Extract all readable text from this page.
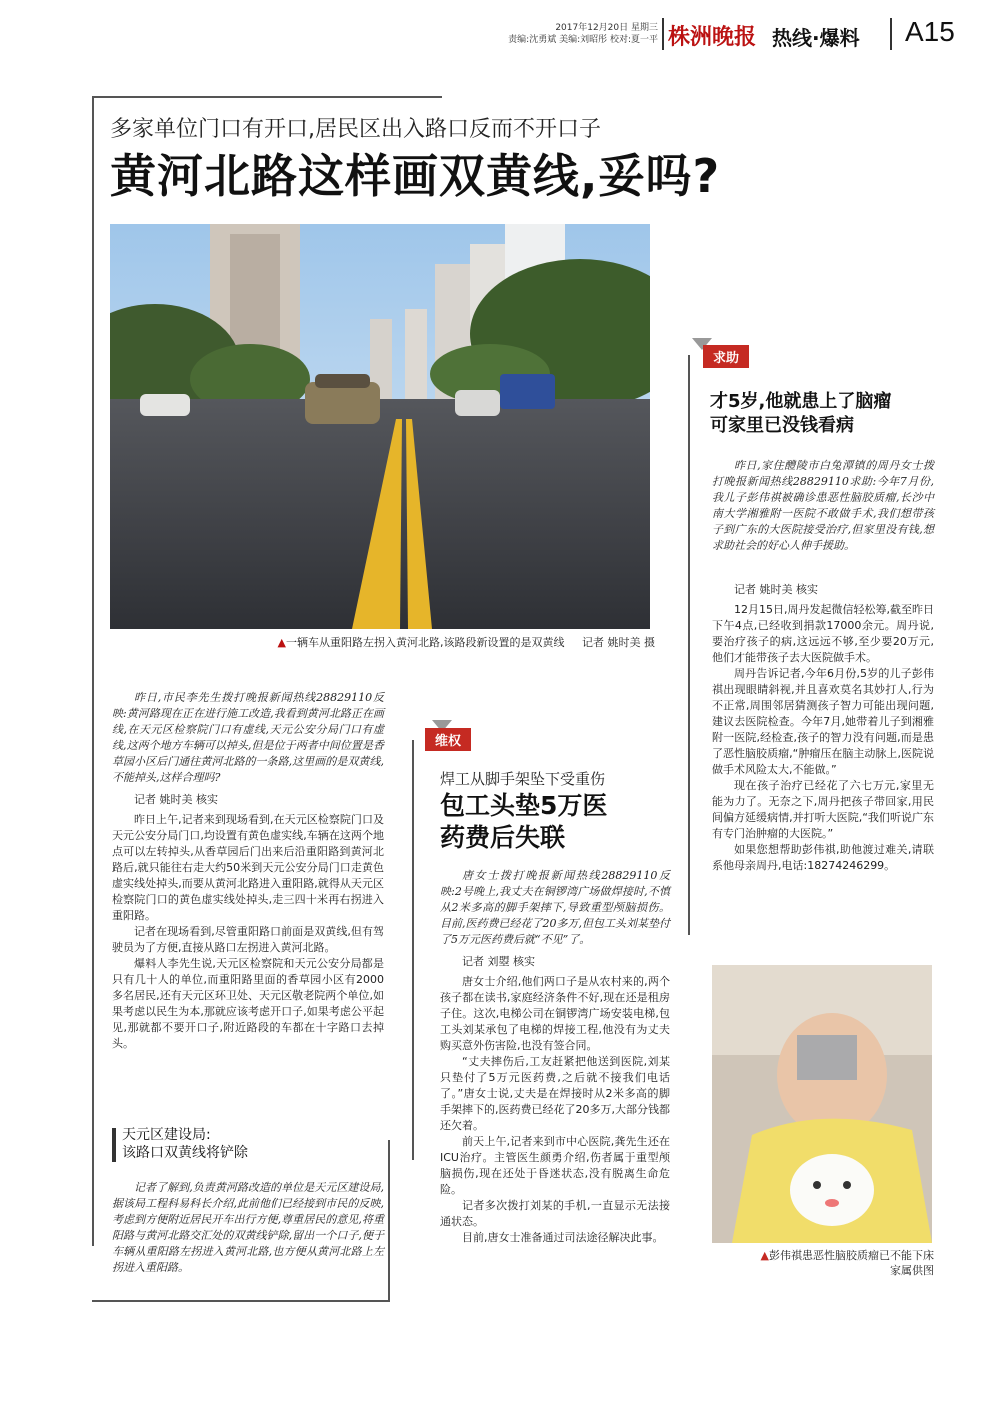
2017年12月20日 星期三
责编:沈勇斌 美编:刘昭彤 校对:夏一平 株洲晚报 热线·爆料 A15
多家单位门口有开口,居民区出入路口反而不开口子
黄河北路这样画双黄线,妥吗?
▲一辆车从重阳路左拐入黄河北路,该路段新设置的是双黄线 记者 姚时美 摄

昨日,市民李先生拨打晚报新闻热线28829110反映:黄河路现在正在进行施工改造,我看到黄河北路正在画线,在天元区检察院门口有虚线,天元公安分局门口有虚线,这两个地方车辆可以掉头,但是位于两者中间位置是香草园小区后门通往黄河北路的一条路,这里画的是双黄线,不能掉头,这样合理吗?

记者 姚时美 核实

昨日上午,记者来到现场看到,在天元区检察院门口及天元公安分局门口,均设置有黄色虚实线,车辆在这两个地点可以左转掉头,从香草园后门出来后沿重阳路到黄河北路后,就只能往右走大约50米到天元公安分局门口走黄色虚实线处掉头,而要从黄河北路进入重阳路,就得从天元区检察院门口的黄色虚实线处掉头,走三四十米再右拐进入重阳路。

记者在现场看到,尽管重阳路口前面是双黄线,但有驾驶员为了方便,直接从路口左拐进入黄河北路。

爆料人李先生说,天元区检察院和天元公安分局都是只有几十人的单位,而重阳路里面的香草园小区有2000多名居民,还有天元区环卫处、天元区敬老院两个单位,如果考虑以民生为本,那就应该考虑开口子,如果考虑公平起见,那就都不要开口子,附近路段的车都在十字路口去掉头。

天元区建设局:
该路口双黄线将铲除

记者了解到,负责黄河路改造的单位是天元区建设局,据该局工程科易科长介绍,此前他们已经接到市民的反映,考虑到方便附近居民开车出行方便,尊重居民的意见,将重阳路与黄河北路交汇处的双黄线铲除,留出一个口子,便于车辆从重阳路左拐进入黄河北路,也方便从黄河北路上左拐进入重阳路。

维权
焊工从脚手架坠下受重伤
包工头垫5万医
药费后失联

唐女士拨打晚报新闻热线28829110反映:2号晚上,我丈夫在铜锣湾广场做焊接时,不慎从2米多高的脚手架摔下,导致重型颅脑损伤。目前,医药费已经花了20多万,但包工头刘某垫付了5万元医药费后就“不见”了。

记者 刘曌 核实

唐女士介绍,他们两口子是从农村来的,两个孩子都在读书,家庭经济条件不好,现在还是租房子住。这次,电梯公司在铜锣湾广场安装电梯,包工头刘某承包了电梯的焊接工程,他没有为丈夫购买意外伤害险,也没有签合同。

“丈夫摔伤后,工友赶紧把他送到医院,刘某只垫付了5万元医药费,之后就不接我们电话了。”唐女士说,丈夫是在焊接时从2米多高的脚手架摔下的,医药费已经花了20多万,大部分钱都还欠着。

前天上午,记者来到市中心医院,龚先生还在ICU治疗。主管医生颜勇介绍,伤者属于重型颅脑损伤,现在还处于昏迷状态,没有脱离生命危险。

记者多次拨打刘某的手机,一直显示无法接通状态。

目前,唐女士准备通过司法途径解决此事。

求助
才5岁,他就患上了脑瘤
可家里已没钱看病

昨日,家住醴陵市白兔潭镇的周丹女士拨打晚报新闻热线28829110求助:今年7月份,我儿子彭伟祺被确诊患恶性脑胶质瘤,长沙中南大学湘雅附一医院不敢做手术,我们想带孩子到广东的大医院接受治疗,但家里没有钱,想求助社会的好心人伸手援助。

记者 姚时美 核实

12月15日,周丹发起微信轻松筹,截至昨日下午4点,已经收到捐款17000余元。周丹说,要治疗孩子的病,这远远不够,至少要20万元,他们才能带孩子去大医院做手术。

周丹告诉记者,今年6月份,5岁的儿子彭伟祺出现眼睛斜视,并且喜欢莫名其妙打人,行为不正常,周围邻居猜测孩子智力可能出现问题,建议去医院检查。今年7月,她带着儿子到湘雅附一医院,经检查,孩子的智力没有问题,而是患了恶性脑胶质瘤,“肿瘤压在脑主动脉上,医院说做手术风险太大,不能做。”

现在孩子治疗已经花了六七万元,家里无能为力了。无奈之下,周丹把孩子带回家,用民间偏方延缓病情,并打听大医院,“我们听说广东有专门治肿瘤的大医院。”

如果您想帮助彭伟祺,助他渡过难关,请联系他母亲周丹,电话:18274246299。

▲彭伟祺患恶性脑胶质瘤已不能下床
家属供图
